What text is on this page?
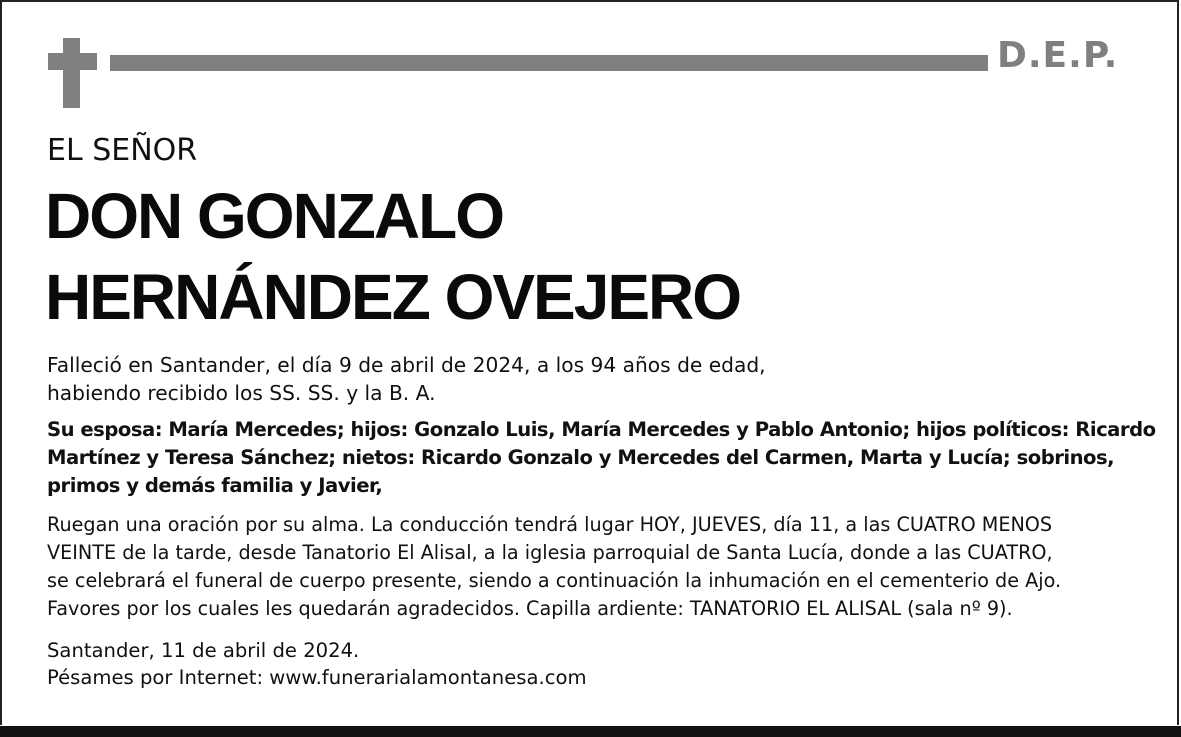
D.E.P.
EL SEÑOR
DON GONZALO
HERNÁNDEZ OVEJERO

Falleció en Santander, el día 9 de abril de 2024, a los 94 años de edad,
habiendo recibido los SS. SS. y la B. A.

Su esposa: María Mercedes; hijos: Gonzalo Luis, María Mercedes y Pablo Antonio; hijos políticos: Ricardo
Martínez y Teresa Sánchez; nietos: Ricardo Gonzalo y Mercedes del Carmen, Marta y Lucía; sobrinos,
primos y demás familia y Javier,

Ruegan una oración por su alma. La conducción tendrá lugar HOY, JUEVES, día 11, a las CUATRO MENOS
VEINTE de la tarde, desde Tanatorio El Alisal, a la iglesia parroquial de Santa Lucía, donde a las CUATRO,
se celebrará el funeral de cuerpo presente, siendo a continuación la inhumación en el cementerio de Ajo.
Favores por los cuales les quedarán agradecidos. Capilla ardiente: TANATORIO EL ALISAL (sala nº 9).

Santander, 11 de abril de 2024.
Pésames por Internet: www.funerarialamontanesa.com
